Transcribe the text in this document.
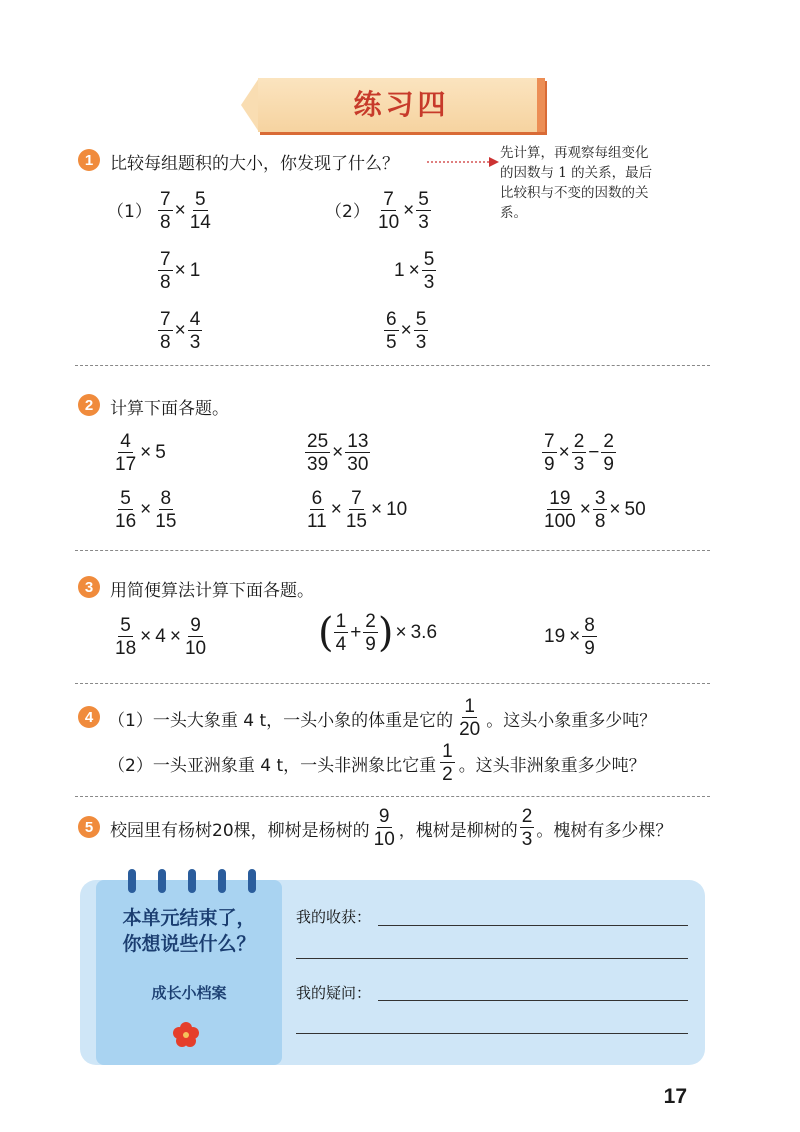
练习四
1 比较每组题积的大小，你发现了什么？
先计算，再观察每组变化的因数与 1 的关系，最后比较积与不变的因数的关系。
$(1) \frac{7}{8} \times \frac{5}{14}$
$\frac{7}{8} \times 1$
$\frac{7}{8} \times \frac{4}{3}$
$(2) \frac{7}{10} \times \frac{5}{3}$
$1 \times \frac{5}{3}$
$\frac{6}{5} \times \frac{5}{3}$
2 计算下面各题。
$\frac{4}{17} \times 5$	$\frac{25}{39} \times \frac{13}{30}$	$\frac{7}{9} \times \frac{2}{3} - \frac{2}{9}$
$\frac{5}{16} \times \frac{8}{15}$	$\frac{6}{11} \times \frac{7}{15} \times 10$	$\frac{19}{100} \times \frac{3}{8} \times 50$
3 用简便算法计算下面各题。
$\frac{5}{18} \times 4 \times \frac{9}{10}$	( $\frac{1}{4} + \frac{2}{9}$ ) × 3.6	$19 \times \frac{8}{9}$
4 （1）一头大象重 4 t，一头小象的体重是它的 $\frac{1}{20}$ 。这头小象重多少吨？
（2）一头亚洲象重 4 t，一头非洲象比它重 $\frac{1}{2}$ 。这头非洲象重多少吨？
5 校园里有杨树20棵，柳树是杨树的 $\frac{9}{10}$ ，槐树是柳树的 $\frac{2}{3}$ 。槐树有多少棵？
本单元结束了，
你想说些什么？
成长小档案
我的收获：
我的疑问：
17
